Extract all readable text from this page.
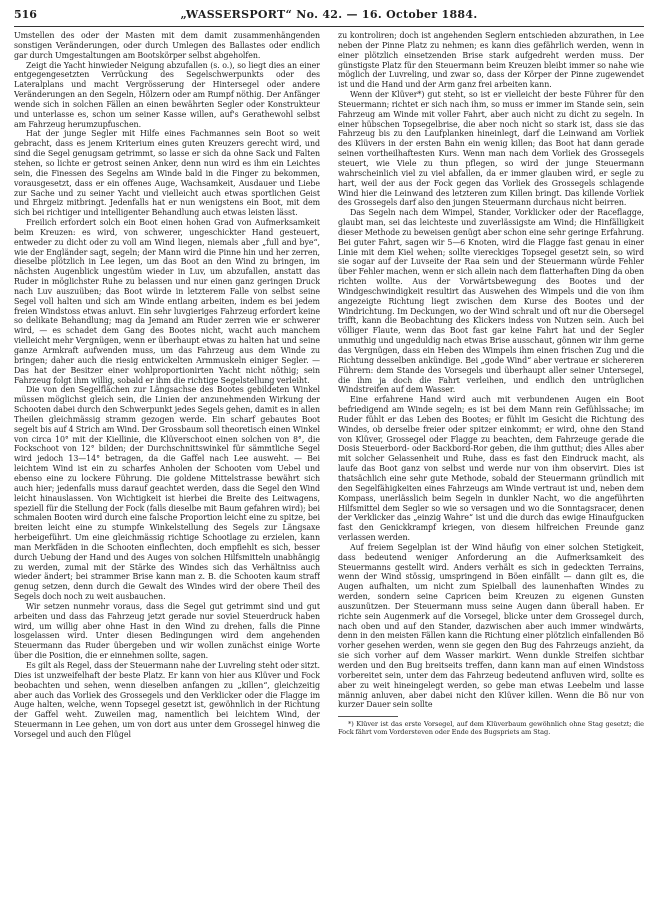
516	„WASSERSPORT“ No. 42. — 16. October 1884.

Umstellen des oder der Masten mit dem damit zusammenhängenden sonstigen Veränderungen, oder durch Umlegen des Ballastes oder endlich gar durch Umgestaltungen am Bootskörper selbst abgeholfen.

Zeigt die Yacht hinwieder Neigung abzufallen (s. o.), so liegt dies an einer entgegengesetzten Verrückung des Segelschwerpunkts oder des Lateralplans und macht Vergrösserung der Hintersegel oder andere Veränderungen an den Segeln, Hölzern oder am Rumpf nöthig. Der Anfänger wende sich in solchen Fällen an einen bewährten Segler oder Konstrukteur und unterlasse es, schon um seiner Kasse willen, auf's Gerathewohl selbst am Fahrzeug herumzupfuschen.

Hat der junge Segler mit Hilfe eines Fachmannes sein Boot so weit gebracht, dass es jenem Kriterium eines guten Kreuzers gerecht wird, und sind die Segel genugsam getrimmt, so lasse er sich da ohne Sack und Falten stehen, so lichte er getrost seinen Anker, denn nun wird es ihm ein Leichtes sein, die Finessen des Segelns am Winde bald in die Finger zu bekommen, vorausgesetzt, dass er ein offenes Auge, Wachsamkeit, Ausdauer und Liebe zur Sache und zu seiner Yacht und vielleicht auch etwas sportlichen Geist und Ehrgeiz mitbringt. Jedenfalls hat er nun wenigstens ein Boot, mit dem sich bei richtiger und intelligenter Behandlung auch etwas leisten lässt.

Freilich erfordert solch ein Boot einen hohen Grad von Aufmerksamkeit beim Kreuzen: es wird, von schwerer, ungeschickter Hand gesteuert, entweder zu dicht oder zu voll am Wind liegen, niemals aber „full and bye“, wie der Engländer sagt, segeln; der Mann wird die Pinne hin und her zerren, dieselbe plötzlich in Lee legen, um das Boot an den Wind zu bringen, im nächsten Augenblick ungestüm wieder in Luv, um abzufallen, anstatt das Ruder in möglichster Ruhe zu belassen und nur einen ganz geringen Druck nach Luv auszuüben; das Boot würde in letzterem Falle von selbst seine Segel voll halten und sich am Winde entlang arbeiten, indem es bei jedem freien Windstoss etwas anluvt. Ein sehr luvgieriges Fahrzeug erfordert keine so delikate Behandlung; mag da Jemand am Ruder zerren wie er schwerer wird, — es schadet dem Gang des Bootes nicht, wacht auch manchem vielleicht mehr Vergnügen, wenn er überhaupt etwas zu halten hat und seine ganze Armkraft aufwenden muss, um das Fahrzeug aus dem Winde zu bringen; daher auch die riesig entwickelten Armmuskeln einiger Segler. — Das hat der Besitzer einer wohlproportionirten Yacht nicht nöthig; sein Fahrzeug folgt ihm willig, sobald er ihm die richtige Segelstellung verleiht.

Die von den Segelflächen zur Längsachse des Bootes gebildeten Winkel müssen möglichst gleich sein, die Linien der anzunehmenden Wirkung der Schooten dabei durch den Schwerpunkt jedes Segels gehen, damit es in allen Theilen gleichmässig stramm gezogen werde. Ein scharf gebautes Boot segelt bis auf 4 Strich am Wind. Der Grossbaum soll theoretisch einen Winkel von circa 10° mit der Kiellinie, die Klüverschoot einen solchen von 8°, die Fockschoot von 12° bilden; der Durchschnittswinkel für sämmtliche Segel wird jedoch 13—14° betragen, da die Gaffel nach Lee ausweht. — Bei leichtem Wind ist ein zu scharfes Anholen der Schooten vom Uebel und ebenso eine zu lockere Führung. Die goldene Mittelstrasse bewährt sich auch hier; jedenfalls muss darauf geachtet werden, dass die Segel den Wind leicht hinauslassen. Von Wichtigkeit ist hierbei die Breite des Leitwagens, speziell für die Stellung der Fock (falls dieselbe mit Baum gefahren wird); bei schmalen Booten wird durch eine falsche Proportion leicht eine zu spitze, bei breiten leicht eine zu stumpfe Winkelstellung des Segels zur Längsaxe herbeigeführt. Um eine gleichmässig richtige Schootlage zu erzielen, kann man Merkfäden in die Schooten einflechten, doch empfiehlt es sich, besser durch Uebung der Hand und des Auges von solchen Hilfsmitteln unabhängig zu werden, zumal mit der Stärke des Windes sich das Verhältniss auch wieder ändert; bei strammer Brise kann man z. B. die Schooten kaum straff genug setzen, denn durch die Gewalt des Windes wird der obere Theil des Segels doch noch zu weit ausbauchen.

Wir setzen nunmehr voraus, dass die Segel gut getrimmt sind und gut arbeiten und dass das Fahrzeug jetzt gerade nur soviel Steuerdruck haben wird, um willig aber ohne Hast in den Wind zu drehen, falls die Pinne losgelassen wird. Unter diesen Bedingungen wird dem angehenden Steuermann das Ruder übergeben und wir wollen zunächst einige Worte über die Position, die er einnehmen sollte, sagen.

Es gilt als Regel, dass der Steuermann nahe der Luvreling steht oder sitzt. Dies ist unzweifelhaft der beste Platz. Er kann von hier aus Klüver und Fock beobachten und sehen, wenn dieselben anfangen zu „killen“, gleichzeitig aber auch das Vorliek des Grossegels und den Verklicker oder die Flagge im Auge halten, welche, wenn Topsegel gesetzt ist, gewöhnlich in der Richtung der Gaffel weht. Zuweilen mag, namentlich bei leichtem Wind, der Steuermann in Lee gehen, um von dort aus unter dem Grossegel hinweg die Vorsegel und auch den Flügel

zu kontroliren; doch ist angehenden Seglern entschieden abzurathen, in Lee neben der Pinne Platz zu nehmen; es kann dies gefährlich werden, wenn in einer plötzlich einsetzenden Brise stark aufgedreht werden muss. Der günstigste Platz für den Steuermann beim Kreuzen bleibt immer so nahe wie möglich der Luvreling, und zwar so, dass der Körper der Pinne zugewendet ist und die Hand und der Arm ganz frei arbeiten kann.

Wenn der Klüver*) gut steht, so ist er vielleicht der beste Führer für den Steuermann; richtet er sich nach ihm, so muss er immer im Stande sein, sein Fahrzeug am Winde mit voller Fahrt, aber auch nicht zu dicht zu segeln. In einer hübschen Topsegelbrise, die aber noch nicht so stark ist, dass sie das Fahrzeug bis zu den Laufplanken hineinlegt, darf die Leinwand am Vorliek des Klüvers in der ersten Bahn ein wenig killen; das Boot hat dann gerade seinen vortheilhaftesten Kurs. Wenn man nach dem Vorliek des Grossegels steuert, wie Viele zu thun pflegen, so wird der junge Steuermann wahrscheinlich viel zu viel abfallen, da er immer glauben wird, er segle zu hart, weil der aus der Fock gegen das Vorliek des Grossegels schlagende Wind hier die Leinwand des letzteren zum Killen bringt. Das killende Vorliek des Grossegels darf also den jungen Steuermann durchaus nicht beirren.

Das Segeln nach dem Wimpel, Stander, Vorklicker oder der Raceflagge, glaubt man, sei das leichteste und zuverlässigste am Wind; die Hinfälligkeit dieser Methode zu beweisen genügt aber schon eine sehr geringe Erfahrung. Bei guter Fahrt, sagen wir 5—6 Knoten, wird die Flagge fast genau in einer Linie mit dem Kiel wehen; sollte viereckiges Topsegel gesetzt sein, so wird sie sogar auf der Luvseite der Raa sein und der Steuermann würde Fehler über Fehler machen, wenn er sich allein nach dem flatterhaften Ding da oben richten wollte. Aus der Vorwärtsbewegung des Bootes und der Windgeschwindigkeit resultirt das Auswehen des Wimpels und die von ihm angezeigte Richtung liegt zwischen dem Kurse des Bootes und der Windrichtung. Im Deckungen, wo der Wind schralt und oft nur die Obersegel trifft, kann die Beobachtung des Klickers indess von Nutzen sein. Auch bei völliger Flaute, wenn das Boot fast gar keine Fahrt hat und der Segler unmuthig und ungeduldig nach etwas Brise ausschaut, gönnen wir ihm gerne das Vergnügen, dass ein Heben des Wimpels ihm einen frischen Zug und die Richtung desselben ankündige. Bei „gode Wind“ aber vertraue er sichereren Führern: dem Stande des Vorsegels und überhaupt aller seiner Untersegel, die ihm ja doch die Fahrt verleihen, und endlich den untrüglichen Windstreifen auf dem Wasser.

Eine erfahrene Hand wird auch mit verbundenen Augen ein Boot befriedigend am Winde segeln; es ist bei dem Mann rein Gefühlssache; im Ruder fühlt er das Leben des Bootes; er fühlt im Gesicht die Richtung des Windes, ob derselbe freier oder spitzer einkommt; er wird, ohne den Stand von Klüver, Grossegel oder Flagge zu beachten, dem Fahrzeuge gerade die Dosis Steuerbord- oder Backbord-Ror geben, die ihm gutthut; dies Alles aber mit solcher Gelassenheit und Ruhe, dass es fast den Eindruck macht, als laufe das Boot ganz von selbst und werde nur von ihm observirt. Dies ist thatsächlich eine sehr gute Methode, sobald der Steuermann gründlich mit den Segelfähigkeiten eines Fahrzeugs am Winde vertraut ist und, neben dem Kompass, unerlässlich beim Segeln in dunkler Nacht, wo die angeführten Hilfsmittel dem Segler so wie so versagen und wo die Sonntagsracer, denen der Verklicker das „einzig Wahre“ ist und die durch das ewige Hinaufgucken fast den Genickkrampf kriegen, von diesem hilfreichen Freunde ganz verlassen werden.

Auf freiem Segelplan ist der Wind häufig von einer solchen Stetigkeit, dass bedeutend weniger Anforderung an die Aufmerksamkeit des Steuermanns gestellt wird. Anders verhält es sich in gedeckten Terrains, wenn der Wind stössig, umspringend in Böen einfällt — dann gilt es, die Augen aufhalten, um nicht zum Spielball des launenhaften Windes zu werden, sondern seine Capricen beim Kreuzen zu eigenen Gunsten auszunützen. Der Steuermann muss seine Augen dann überall haben. Er richte sein Augenmerk auf die Vorsegel, blicke unter dem Grossegel durch, nach oben und auf den Stander, dazwischen aber auch immer windwärts, denn in den meisten Fällen kann die Richtung einer plötzlich einfallenden Bö vorher gesehen werden, wenn sie gegen den Bug des Fahrzeugs anzieht, da sie sich vorher auf dem Wasser markirt. Wenn dunkle Streifen sichtbar werden und den Bug breitseits treffen, dann kann man auf einen Windstoss vorbereitet sein, unter dem das Fahrzeug bedeutend anfluven wird, sollte es aber zu weit hineingelegt werden, so gebe man etwas Leebelm und lasse männig anluven, aber dabei nicht den Klüver killen. Wenn die Bö nur von kurzer Dauer sein sollte

*) Klüver ist das erste Vorsegel, auf dem Klüverbaum gewöhnlich ohne Stag gesetzt; die Fock fährt vom Vordersteven oder Ende des Bugspriets am Stag.
